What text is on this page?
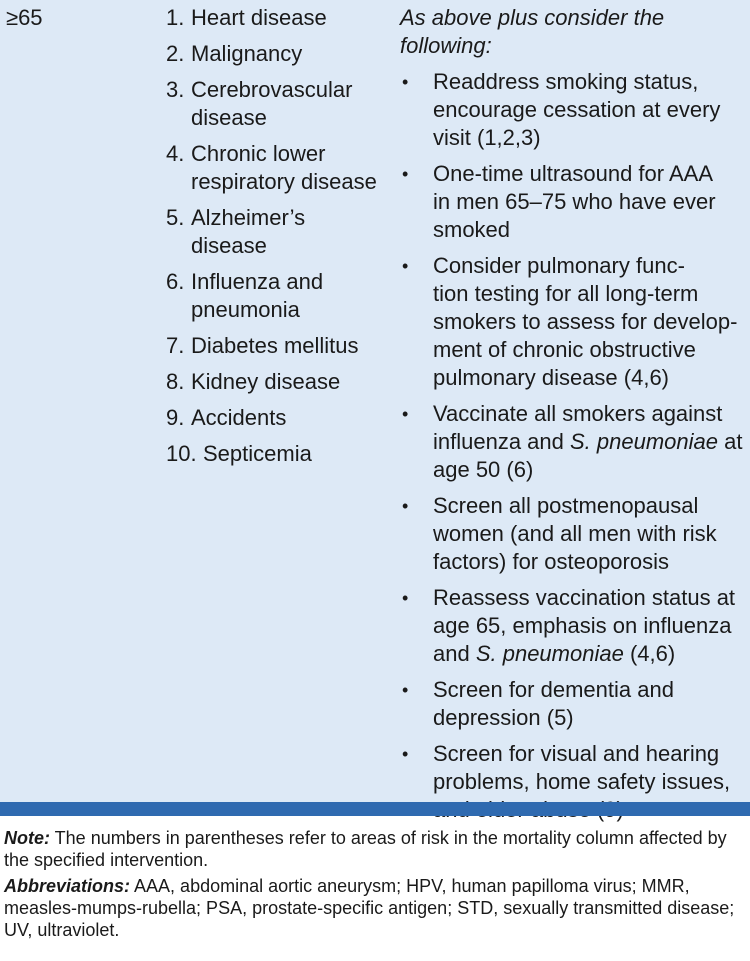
≥65	1. Heart disease
2. Malignancy
3. Cerebrovascular
disease
4. Chronic lower
respiratory disease
5. Alzheimer’s
disease
6. Influenza and
pneumonia
7. Diabetes mellitus
8. Kidney disease
9. Accidents
10. Septicemia
As above plus consider the following:
• Readdress smoking status,
encourage cessation at every
visit (1,2,3)
• One-time ultrasound for AAA
in men 65–75 who have ever
smoked
• Consider pulmonary func-
tion testing for all long-term
smokers to assess for develop-
ment of chronic obstructive
pulmonary disease (4,6)
• Vaccinate all smokers against
influenza and S. pneumoniae at
age 50 (6)
• Screen all postmenopausal
women (and all men with risk
factors) for osteoporosis
• Reassess vaccination status at
age 65, emphasis on influenza
and S. pneumoniae (4,6)
• Screen for dementia and
depression (5)
• Screen for visual and hearing
problems, home safety issues,

Note: The numbers in parentheses refer to areas of risk in the mortality column affected by the specified intervention.

Abbreviations: AAA, abdominal aortic aneurysm; HPV, human papilloma virus; MMR, measles-mumps-rubella; PSA, prostate-specific antigen; STD, sexually transmitted disease; UV, ultraviolet.
